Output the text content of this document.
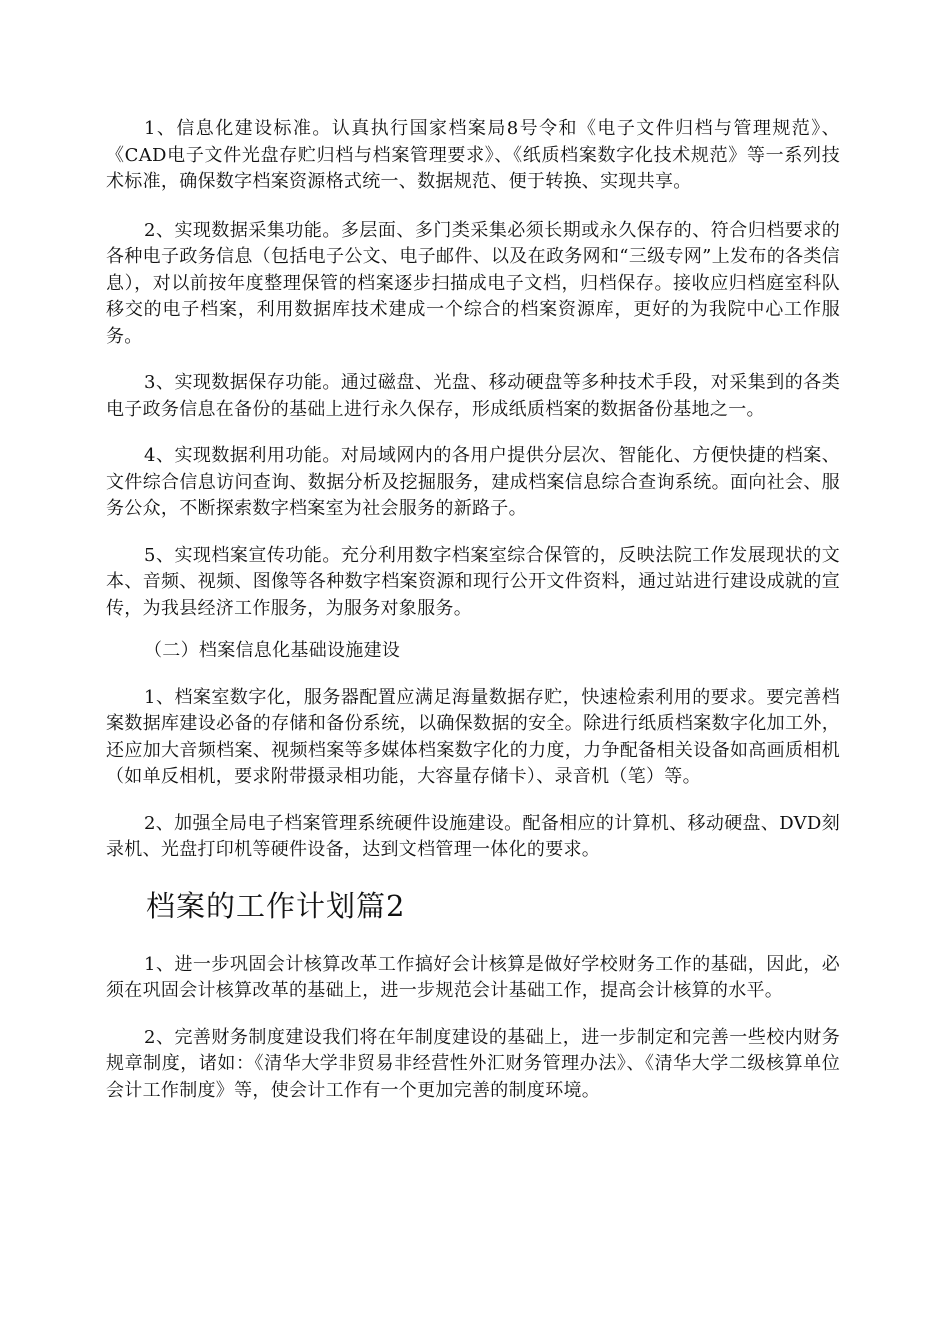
1、信息化建设标准。认真执行国家档案局8号令和《电子文件归档与管理规范》、《CAD电子文件光盘存贮归档与档案管理要求》、《纸质档案数字化技术规范》等一系列技术标准，确保数字档案资源格式统一、数据规范、便于转换、实现共享。

2、实现数据采集功能。多层面、多门类采集必须长期或永久保存的、符合归档要求的各种电子政务信息（包括电子公文、电子邮件、以及在政务网和“三级专网”上发布的各类信息），对以前按年度整理保管的档案逐步扫描成电子文档，归档保存。接收应归档庭室科队移交的电子档案，利用数据库技术建成一个综合的档案资源库，更好的为我院中心工作服务。

3、实现数据保存功能。通过磁盘、光盘、移动硬盘等多种技术手段，对采集到的各类电子政务信息在备份的基础上进行永久保存，形成纸质档案的数据备份基地之一。

4、实现数据利用功能。对局域网内的各用户提供分层次、智能化、方便快捷的档案、文件综合信息访问查询、数据分析及挖掘服务，建成档案信息综合查询系统。面向社会、服务公众，不断探索数字档案室为社会服务的新路子。

5、实现档案宣传功能。充分利用数字档案室综合保管的，反映法院工作发展现状的文本、音频、视频、图像等各种数字档案资源和现行公开文件资料，通过站进行建设成就的宣传，为我县经济工作服务，为服务对象服务。

（二）档案信息化基础设施建设

1、档案室数字化，服务器配置应满足海量数据存贮，快速检索利用的要求。要完善档案数据库建设必备的存储和备份系统，以确保数据的安全。除进行纸质档案数字化加工外，还应加大音频档案、视频档案等多媒体档案数字化的力度，力争配备相关设备如高画质相机（如单反相机，要求附带摄录相功能，大容量存储卡）、录音机（笔）等。

2、加强全局电子档案管理系统硬件设施建设。配备相应的计算机、移动硬盘、DVD刻录机、光盘打印机等硬件设备，达到文档管理一体化的要求。

档案的工作计划篇2

1、进一步巩固会计核算改革工作搞好会计核算是做好学校财务工作的基础，因此，必须在巩固会计核算改革的基础上，进一步规范会计基础工作，提高会计核算的水平。

2、完善财务制度建设我们将在年制度建设的基础上，进一步制定和完善一些校内财务规章制度，诸如：《清华大学非贸易非经营性外汇财务管理办法》、《清华大学二级核算单位会计工作制度》等，使会计工作有一个更加完善的制度环境。
